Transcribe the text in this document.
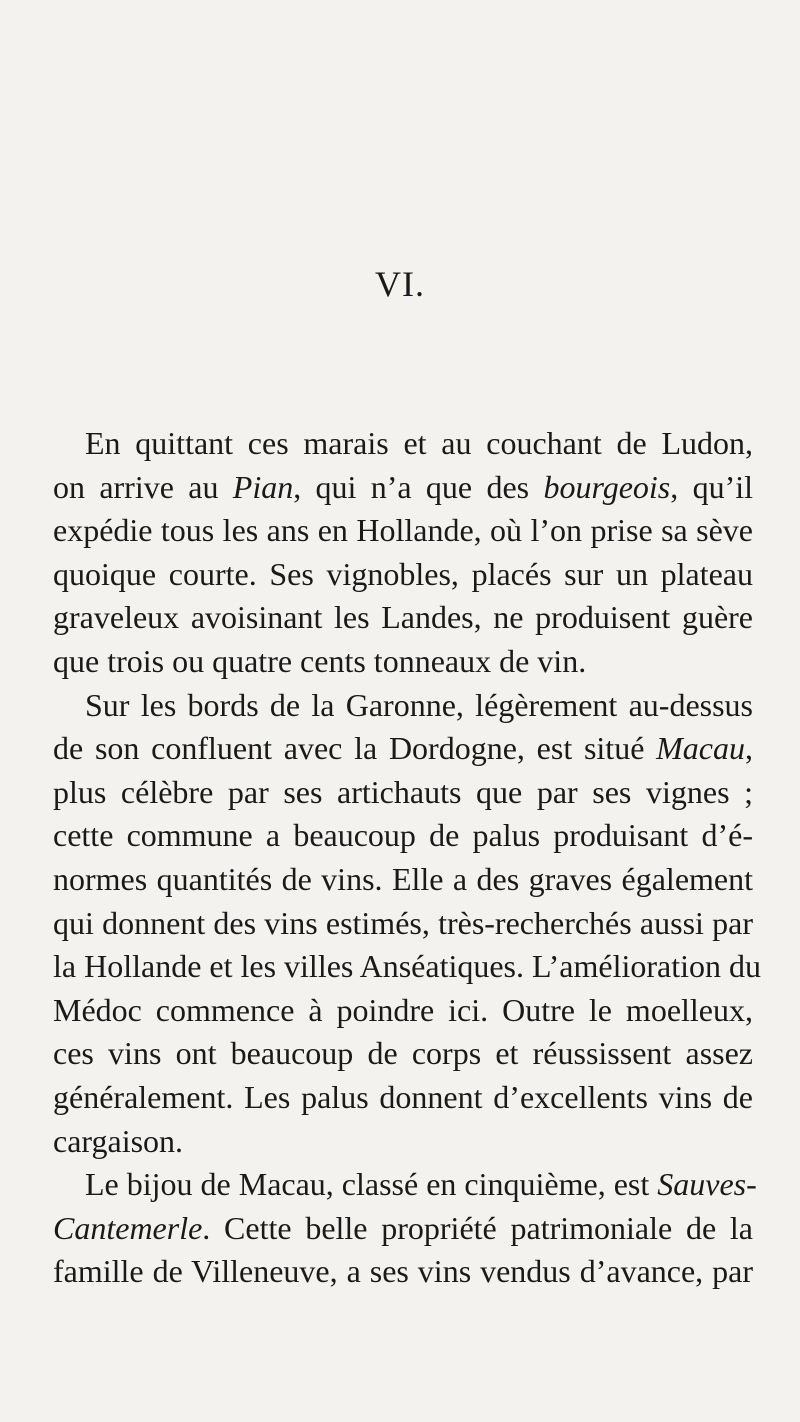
VI.
En quittant ces marais et au couchant de Ludon,
on arrive au Pian, qui n’a que des bourgeois, qu’il
expédie tous les ans en Hollande, où l’on prise sa sève
quoique courte. Ses vignobles, placés sur un plateau
graveleux avoisinant les Landes, ne produisent guère
que trois ou quatre cents tonneaux de vin.
Sur les bords de la Garonne, légèrement au-dessus
de son confluent avec la Dordogne, est situé Macau,
plus célèbre par ses artichauts que par ses vignes ;
cette commune a beaucoup de palus produisant d’é-
normes quantités de vins. Elle a des graves également
qui donnent des vins estimés, très-recherchés aussi par
la Hollande et les villes Anséatiques. L’amélioration du
Médoc commence à poindre ici. Outre le moelleux,
ces vins ont beaucoup de corps et réussissent assez
généralement. Les palus donnent d’excellents vins de
cargaison.
Le bijou de Macau, classé en cinquième, est Sauves-
Cantemerle. Cette belle propriété patrimoniale de la
famille de Villeneuve, a ses vins vendus d’avance, par
